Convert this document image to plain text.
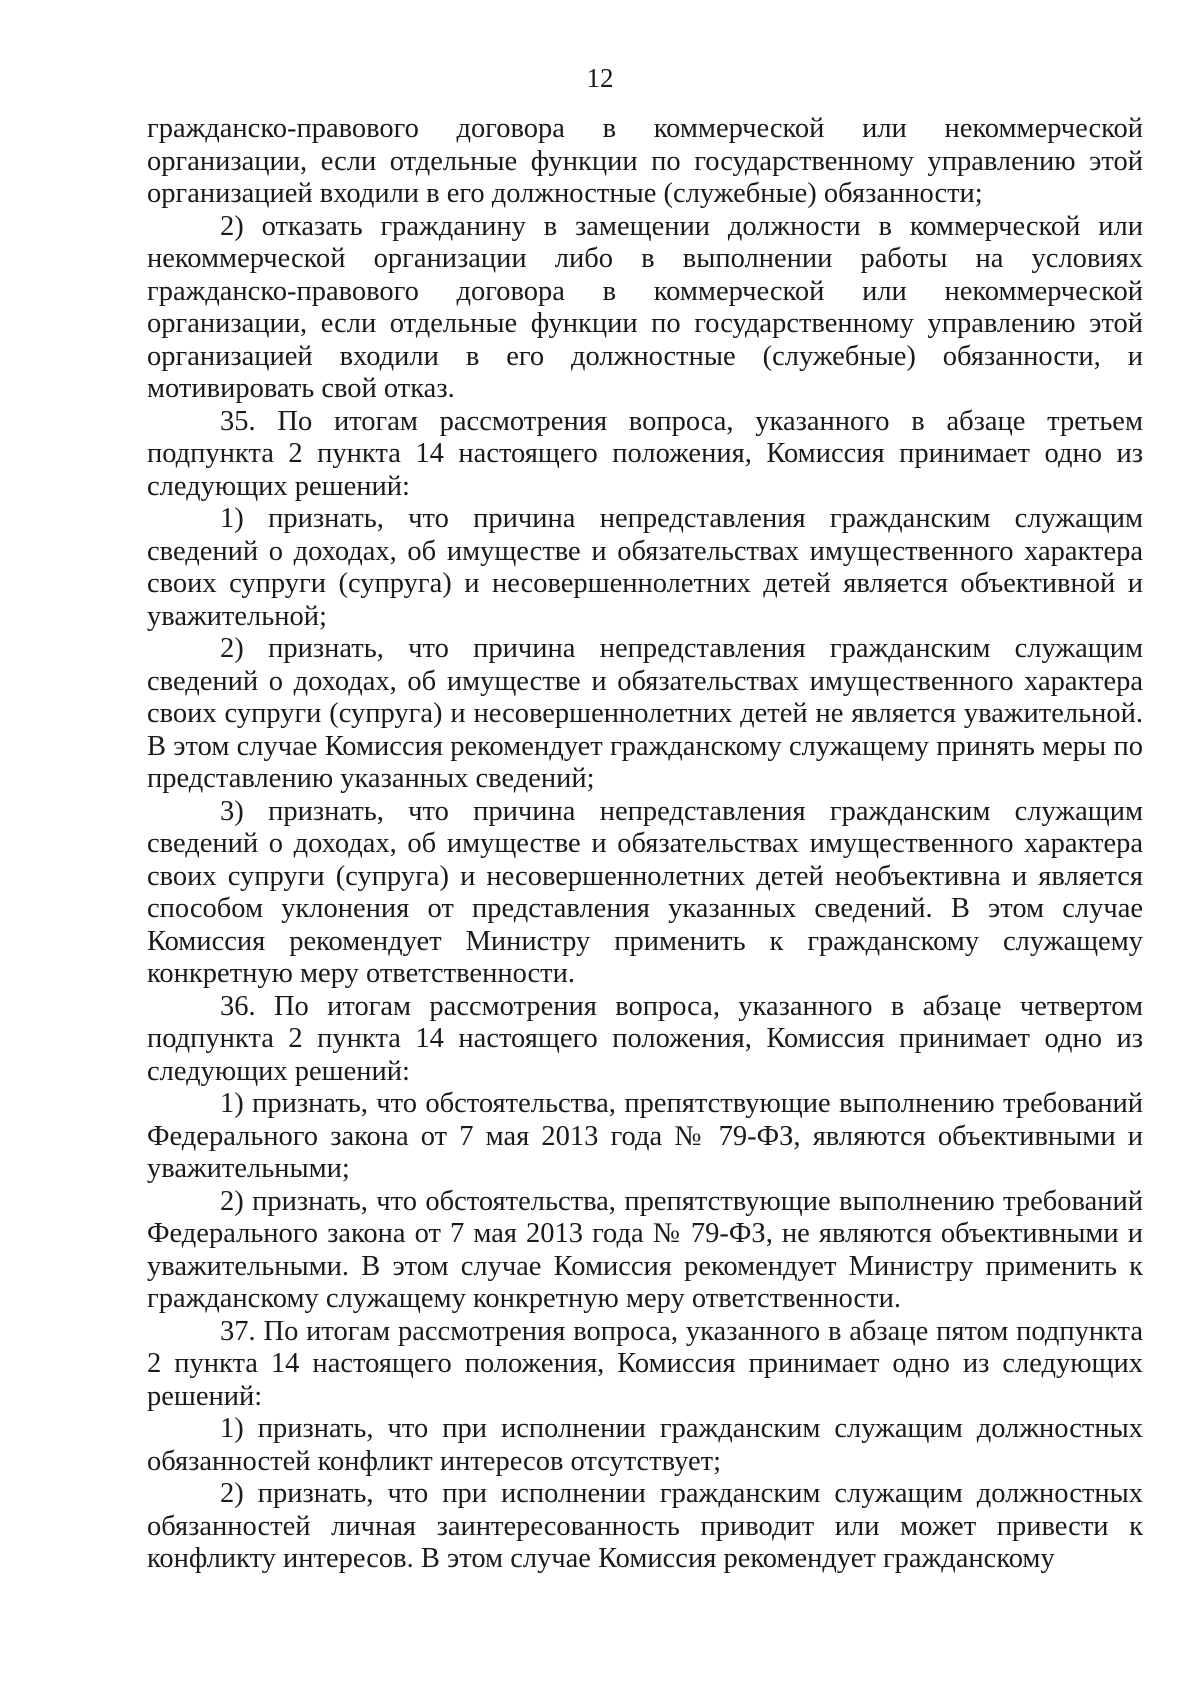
12

гражданско-правового договора в коммерческой или некоммерческой организации, если отдельные функции по государственному управлению этой организацией входили в его должностные (служебные) обязанности;

2) отказать гражданину в замещении должности в коммерческой или некоммерческой организации либо в выполнении работы на условиях гражданско-правового договора в коммерческой или некоммерческой организации, если отдельные функции по государственному управлению этой организацией входили в его должностные (служебные) обязанности, и мотивировать свой отказ.

35. По итогам рассмотрения вопроса, указанного в абзаце третьем подпункта 2 пункта 14 настоящего положения, Комиссия принимает одно из следующих решений:

1) признать, что причина непредставления гражданским служащим сведений о доходах, об имуществе и обязательствах имущественного характера своих супруги (супруга) и несовершеннолетних детей является объективной и уважительной;

2) признать, что причина непредставления гражданским служащим сведений о доходах, об имуществе и обязательствах имущественного характера своих супруги (супруга) и несовершеннолетних детей не является уважительной. В этом случае Комиссия рекомендует гражданскому служащему принять меры по представлению указанных сведений;

3) признать, что причина непредставления гражданским служащим сведений о доходах, об имуществе и обязательствах имущественного характера своих супруги (супруга) и несовершеннолетних детей необъективна и является способом уклонения от представления указанных сведений. В этом случае Комиссия рекомендует Министру применить к гражданскому служащему конкретную меру ответственности.

36. По итогам рассмотрения вопроса, указанного в абзаце четвертом подпункта 2 пункта 14 настоящего положения, Комиссия принимает одно из следующих решений:

1) признать, что обстоятельства, препятствующие выполнению требований Федерального закона от 7 мая 2013 года № 79-ФЗ, являются объективными и уважительными;

2) признать, что обстоятельства, препятствующие выполнению требований Федерального закона от 7 мая 2013 года № 79-ФЗ, не являются объективными и уважительными. В этом случае Комиссия рекомендует Министру применить к гражданскому служащему конкретную меру ответственности.

37. По итогам рассмотрения вопроса, указанного в абзаце пятом подпункта 2 пункта 14 настоящего положения, Комиссия принимает одно из следующих решений:

1) признать, что при исполнении гражданским служащим должностных обязанностей конфликт интересов отсутствует;

2) признать, что при исполнении гражданским служащим должностных обязанностей личная заинтересованность приводит или может привести к конфликту интересов. В этом случае Комиссия рекомендует гражданскому
